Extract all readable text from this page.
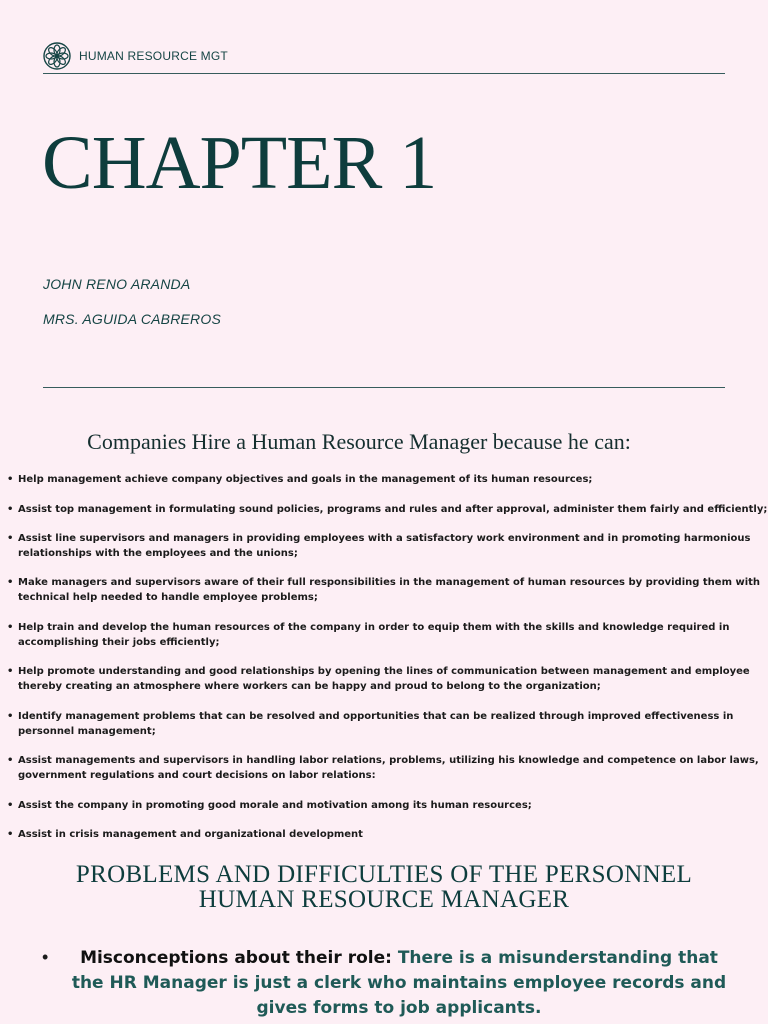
HUMAN RESOURCE MGT
CHAPTER 1
JOHN RENO ARANDA
MRS. AGUIDA CABREROS
Companies Hire a Human Resource Manager because he can:
• Help management achieve company objectives and goals in the management of its human resources;
• Assist top management in formulating sound policies, programs and rules and after approval, administer them fairly and efficiently;
• Assist line supervisors and managers in providing employees with a satisfactory work environment and in promoting harmonious relationships with the employees and the unions;
• Make managers and supervisors aware of their full responsibilities in the management of human resources by providing them with technical help needed to handle employee problems;
• Help train and develop the human resources of the company in order to equip them with the skills and knowledge required in accomplishing their jobs efficiently;
• Help promote understanding and good relationships by opening the lines of communication between management and employee thereby creating an atmosphere where workers can be happy and proud to belong to the organization;
• Identify management problems that can be resolved and opportunities that can be realized through improved effectiveness in personnel management;
• Assist managements and supervisors in handling labor relations, problems, utilizing his knowledge and competence on labor laws, government regulations and court decisions on labor relations:
• Assist the company in promoting good morale and motivation among its human resources;
• Assist in crisis management and organizational development
PROBLEMS AND DIFFICULTIES OF THE PERSONNEL
HUMAN RESOURCE MANAGER
•	Misconceptions about their role: There is a misunderstanding that the HR Manager is just a clerk who maintains employee records and gives forms to job applicants.
